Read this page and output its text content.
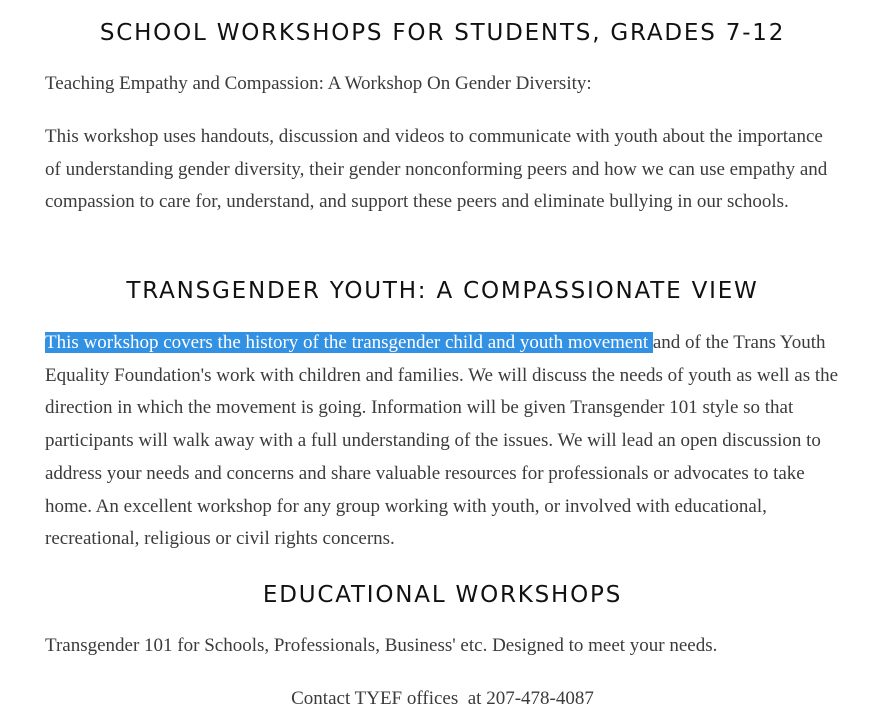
SCHOOL WORKSHOPS FOR STUDENTS, GRADES 7-12

Teaching Empathy and Compassion: A Workshop On Gender Diversity:

This workshop uses handouts, discussion and videos to communicate with youth about the importance of understanding gender diversity, their gender nonconforming peers and how we can use empathy and compassion to care for, understand, and support these peers and eliminate bullying in our schools.

TRANSGENDER YOUTH: A COMPASSIONATE VIEW

This workshop covers the history of the transgender child and youth movement and of the Trans Youth Equality Foundation's work with children and families. We will discuss the needs of youth as well as the direction in which the movement is going. Information will be given Transgender 101 style so that participants will walk away with a full understanding of the issues. We will lead an open discussion to address your needs and concerns and share valuable resources for professionals or advocates to take home. An excellent workshop for any group working with youth, or involved with educational, recreational, religious or civil rights concerns.

EDUCATIONAL WORKSHOPS

Transgender 101 for Schools, Professionals, Business' etc. Designed to meet your needs.

Contact TYEF offices  at 207-478-4087
